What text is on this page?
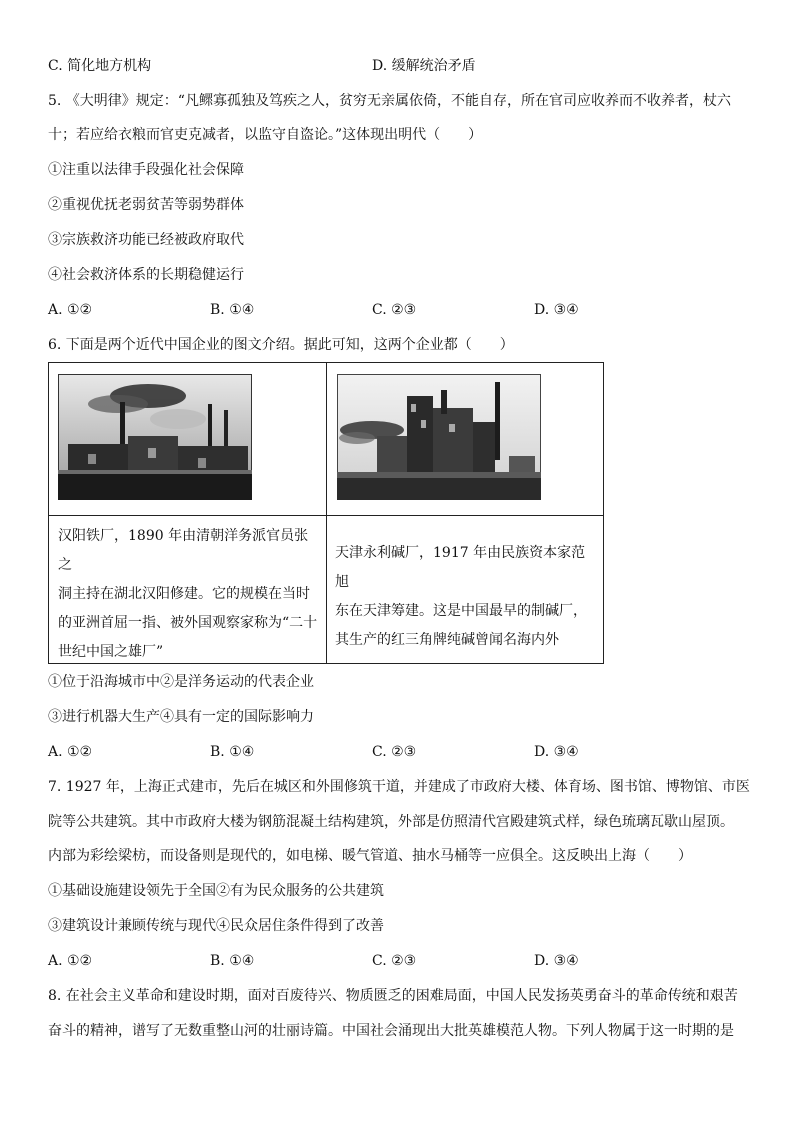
C. 简化地方机构	D. 缓解统治矛盾
5. 《大明律》规定：“凡鳏寡孤独及笃疾之人，贫穷无亲属依倚，不能自存，所在官司应收养而不收养者，杖六
十；若应给衣粮而官吏克减者，以监守自盗论。”这体现出明代（　　）
①注重以法律手段强化社会保障
②重视优抚老弱贫苦等弱势群体
③宗族救济功能已经被政府取代
④社会救济体系的长期稳健运行
A. ①②	B. ①④	C. ②③	D. ③④
6. 下面是两个近代中国企业的图文介绍。据此可知，这两个企业都（　　）
汉阳铁厂，1890 年由清朝洋务派官员张之
洞主持在湖北汉阳修建。它的规模在当时
的亚洲首屈一指、被外国观察家称为“二十
世纪中国之雄厂”
天津永利碱厂，1917 年由民族资本家范旭
东在天津筹建。这是中国最早的制碱厂，
其生产的红三角牌纯碱曾闻名海内外
①位于沿海城市中②是洋务运动的代表企业
③进行机器大生产④具有一定的国际影响力
A. ①②	B. ①④	C. ②③	D. ③④
7. 1927 年，上海正式建市，先后在城区和外围修筑干道，并建成了市政府大楼、体育场、图书馆、博物馆、市医
院等公共建筑。其中市政府大楼为钢筋混凝土结构建筑，外部是仿照清代宫殿建筑式样，绿色琉璃瓦歇山屋顶。
内部为彩绘梁枋，而设备则是现代的，如电梯、暖气管道、抽水马桶等一应俱全。这反映出上海（　　）
①基础设施建设领先于全国②有为民众服务的公共建筑
③建筑设计兼顾传统与现代④民众居住条件得到了改善
A. ①②	B. ①④	C. ②③	D. ③④
8. 在社会主义革命和建设时期，面对百废待兴、物质匮乏的困难局面，中国人民发扬英勇奋斗的革命传统和艰苦
奋斗的精神，谱写了无数重整山河的壮丽诗篇。中国社会涌现出大批英雄模范人物。下列人物属于这一时期的是
